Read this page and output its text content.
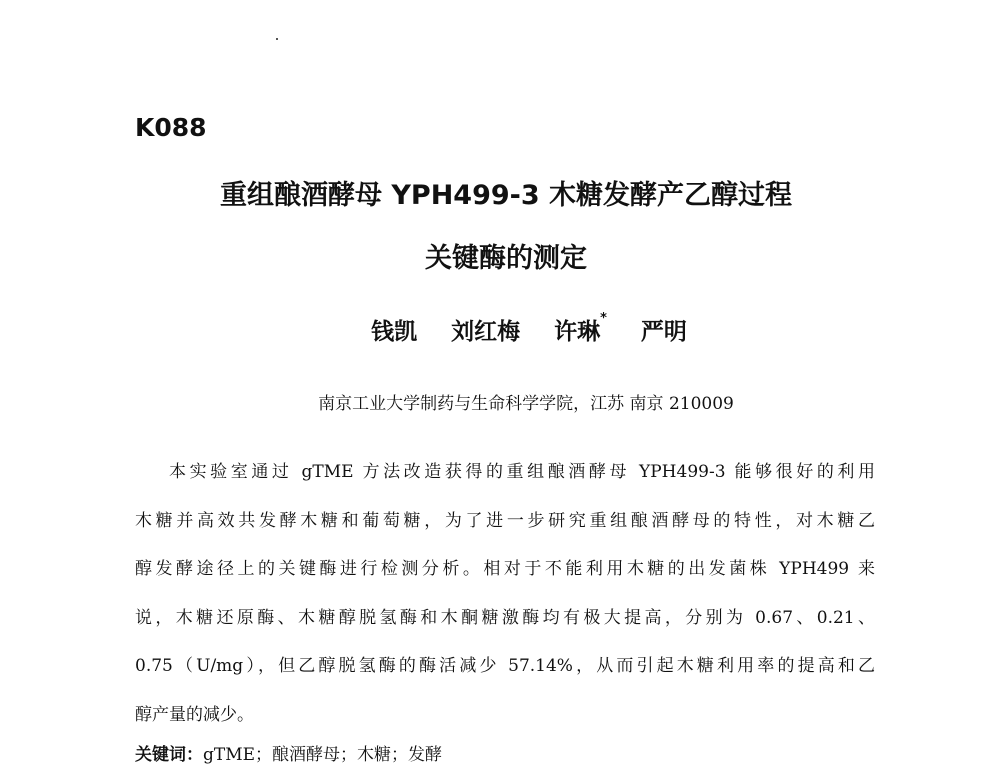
K088
重组酿酒酵母 YPH499-3 木糖发酵产乙醇过程
关键酶的测定
钱凯 刘红梅 许琳* 严明
南京工业大学制药与生命科学学院，江苏 南京 210009
本实验室通过 gTME 方法改造获得的重组酿酒酵母 YPH499-3 能够很好的利用
木糖并高效共发酵木糖和葡萄糖，为了进一步研究重组酿酒酵母的特性，对木糖乙
醇发酵途径上的关键酶进行检测分析。相对于不能利用木糖的出发菌株 YPH499 来
说，木糖还原酶、木糖醇脱氢酶和木酮糖激酶均有极大提高，分别为 0.67、0.21、
0.75（U/mg），但乙醇脱氢酶的酶活减少 57.14%，从而引起木糖利用率的提高和乙
醇产量的减少。
关键词：gTME；酿酒酵母；木糖；发酵
